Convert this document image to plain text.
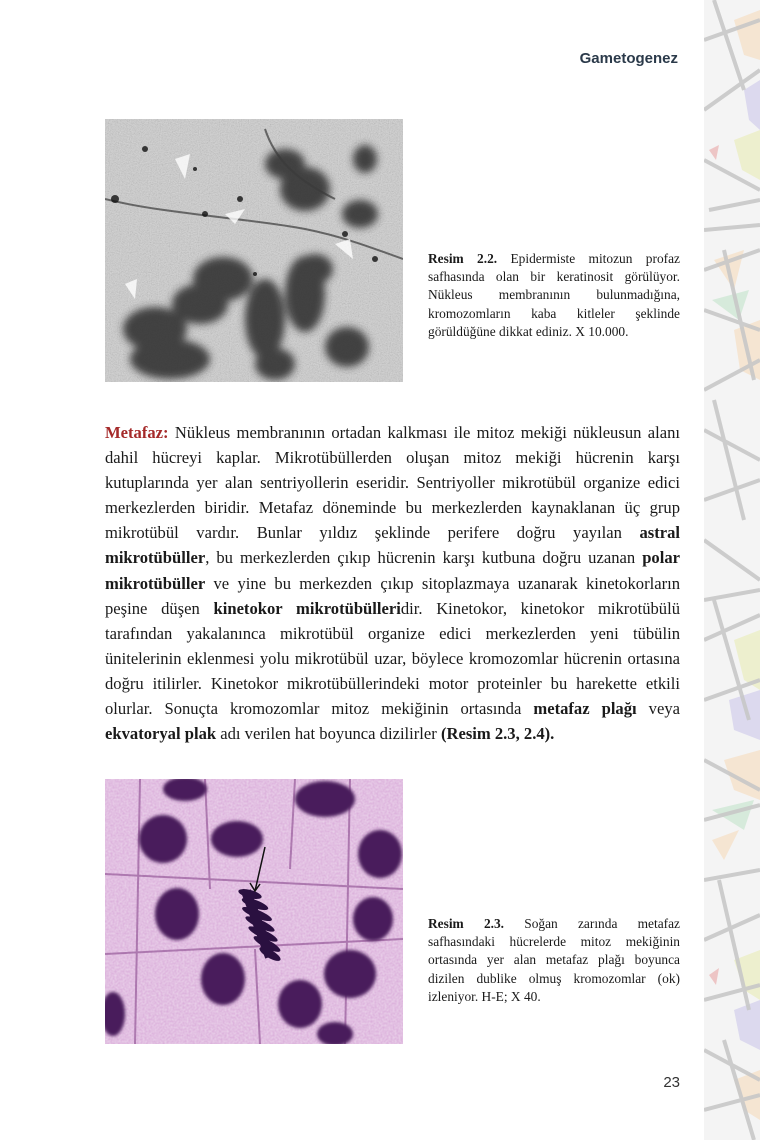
Gametogenez
Resim 2.2. Epidermiste mitozun profaz safhasında olan bir keratinosit görülüyor. Nükleus membranının bulunmadığına, kromozomların kaba kitleler şeklinde görüldüğüne dikkat ediniz. X 10.000.
Metafaz: Nükleus membranının ortadan kalkması ile mitoz mekiği nükleusun alanı dahil hücreyi kaplar. Mikrotübüllerden oluşan mitoz mekiği hücrenin karşı kutuplarında yer alan sentriyollerin eseridir. Sentriyoller mikrotübül organize edici merkezlerden biridir. Metafaz döneminde bu merkezlerden kaynaklanan üç grup mikrotübül vardır. Bunlar yıldız şeklinde perifere doğru yayılan astral mikrotübüller, bu merkezlerden çıkıp hücrenin karşı kutbuna doğru uzanan polar mikrotübüller ve yine bu merkezden çıkıp sitoplazmaya uzanarak kinetokorların peşine düşen kinetokor mikrotübülleridir. Kinetokor, kinetokor mikrotübülü tarafından yakalanınca mikrotübül organize edici merkezlerden yeni tübülin ünitelerinin eklenmesi yolu mikrotübül uzar, böylece kromozomlar hücrenin ortasına doğru itilirler. Kinetokor mikrotübüllerindeki motor proteinler bu harekette etkili olurlar. Sonuçta kromozomlar mitoz mekiğinin ortasında metafaz plağı veya ekvatoryal plak adı verilen hat boyunca dizilirler (Resim 2.3, 2.4).
Resim 2.3. Soğan zarında metafaz safhasındaki hücrelerde mitoz mekiğinin ortasında yer alan metafaz plağı boyunca dizilen dublike olmuş kromozomlar (ok) izleniyor. H-E; X 40.
23
